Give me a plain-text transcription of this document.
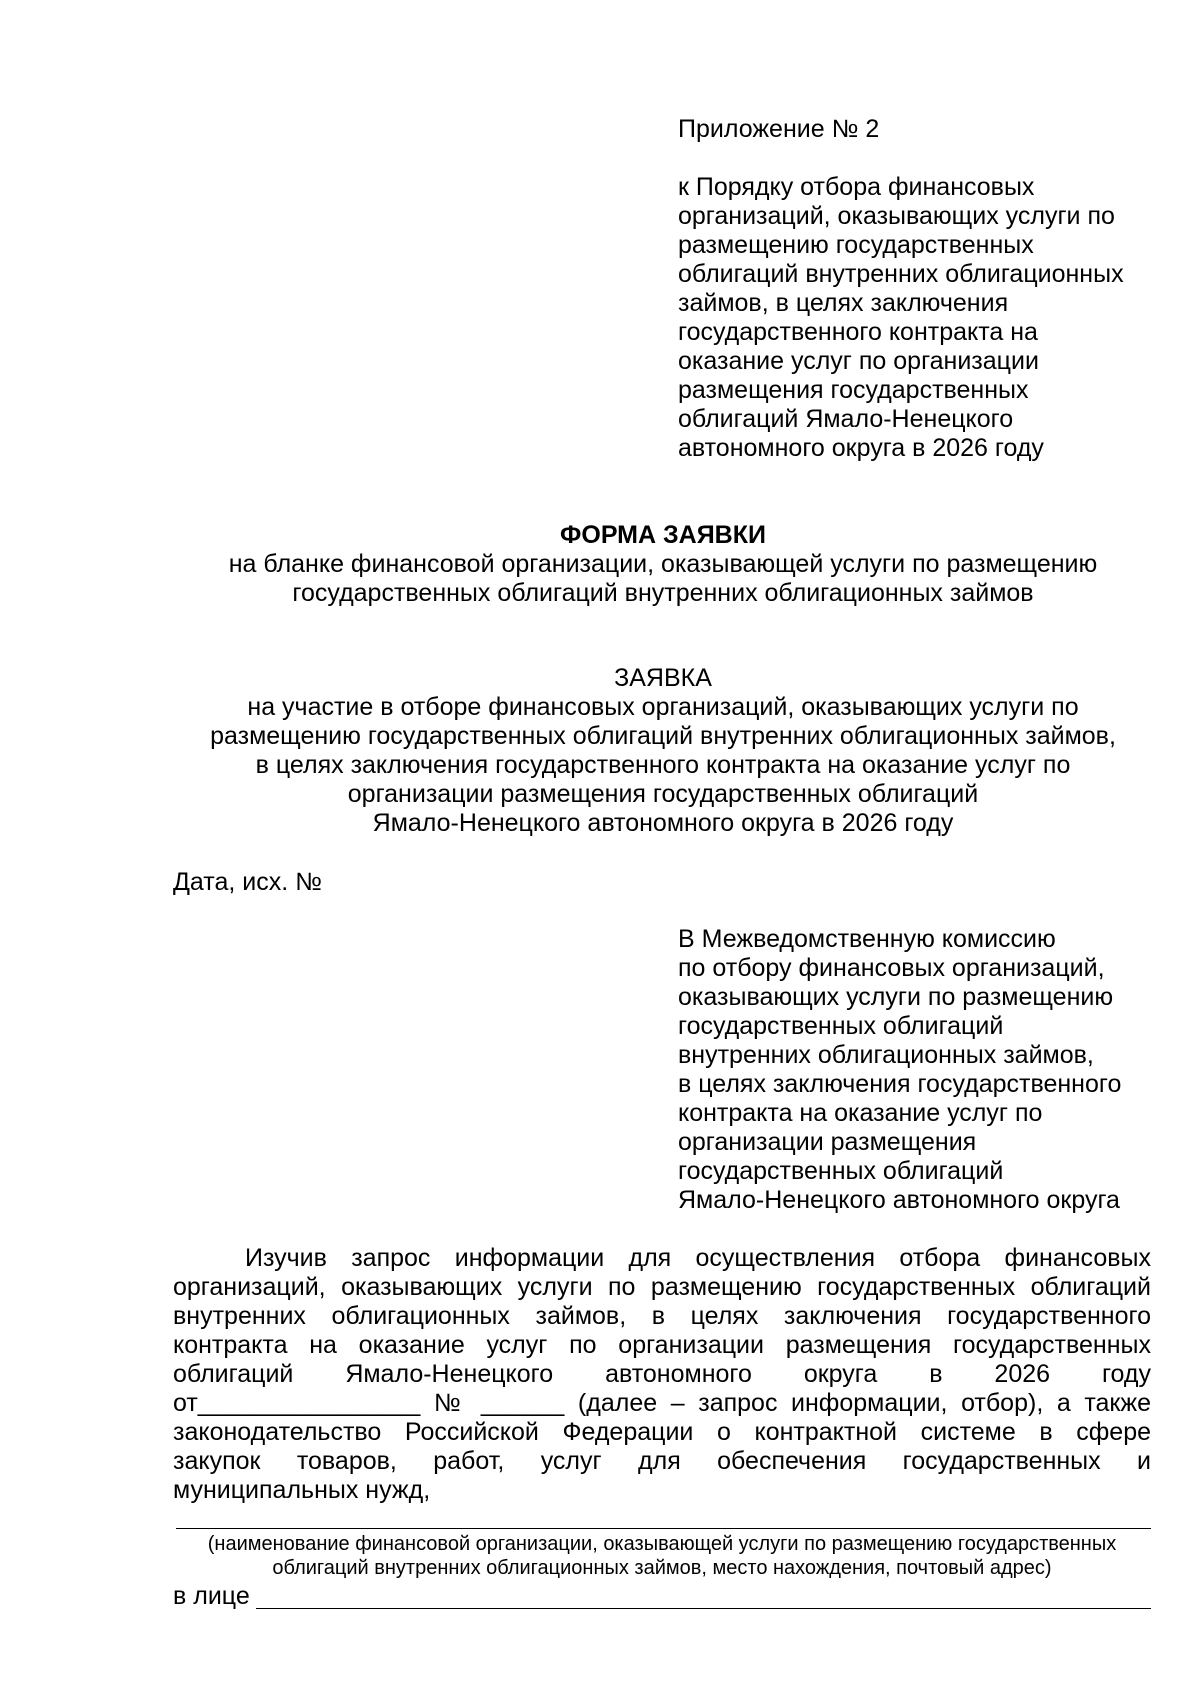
Приложение № 2
к Порядку отбора финансовых
организаций, оказывающих услуги по
размещению государственных
облигаций внутренних облигационных
займов, в целях заключения
государственного контракта на
оказание услуг по организации
размещения государственных
облигаций Ямало-Ненецкого
автономного округа в 2026 году
ФОРМА ЗАЯВКИ
на бланке финансовой организации, оказывающей услуги по размещению
государственных облигаций внутренних облигационных займов
ЗАЯВКА
на участие в отборе финансовых организаций, оказывающих услуги по
размещению государственных облигаций внутренних облигационных займов,
в целях заключения государственного контракта на оказание услуг по
организации размещения государственных облигаций
Ямало-Ненецкого автономного округа в 2026 году
Дата, исх. №
В Межведомственную комиссию
по отбору финансовых организаций,
оказывающих услуги по размещению
государственных облигаций
внутренних облигационных займов,
в целях заключения государственного
контракта на оказание услуг по
организации размещения
государственных облигаций
Ямало-Ненецкого автономного округа
Изучив запрос информации для осуществления отбора финансовых
организаций, оказывающих услуги по размещению государственных облигаций
внутренних облигационных займов, в целях заключения государственного
контракта на оказание услуг по организации размещения государственных
облигаций Ямало-Ненецкого автономного округа в 2026 году
от________________ № ______ (далее – запрос информации, отбор), а также
законодательство Российской Федерации о контрактной системе в сфере
закупок товаров, работ, услуг для обеспечения государственных и
муниципальных нужд,
(наименование финансовой организации, оказывающей услуги по размещению государственных
облигаций внутренних облигационных займов, место нахождения, почтовый адрес)
в лице
